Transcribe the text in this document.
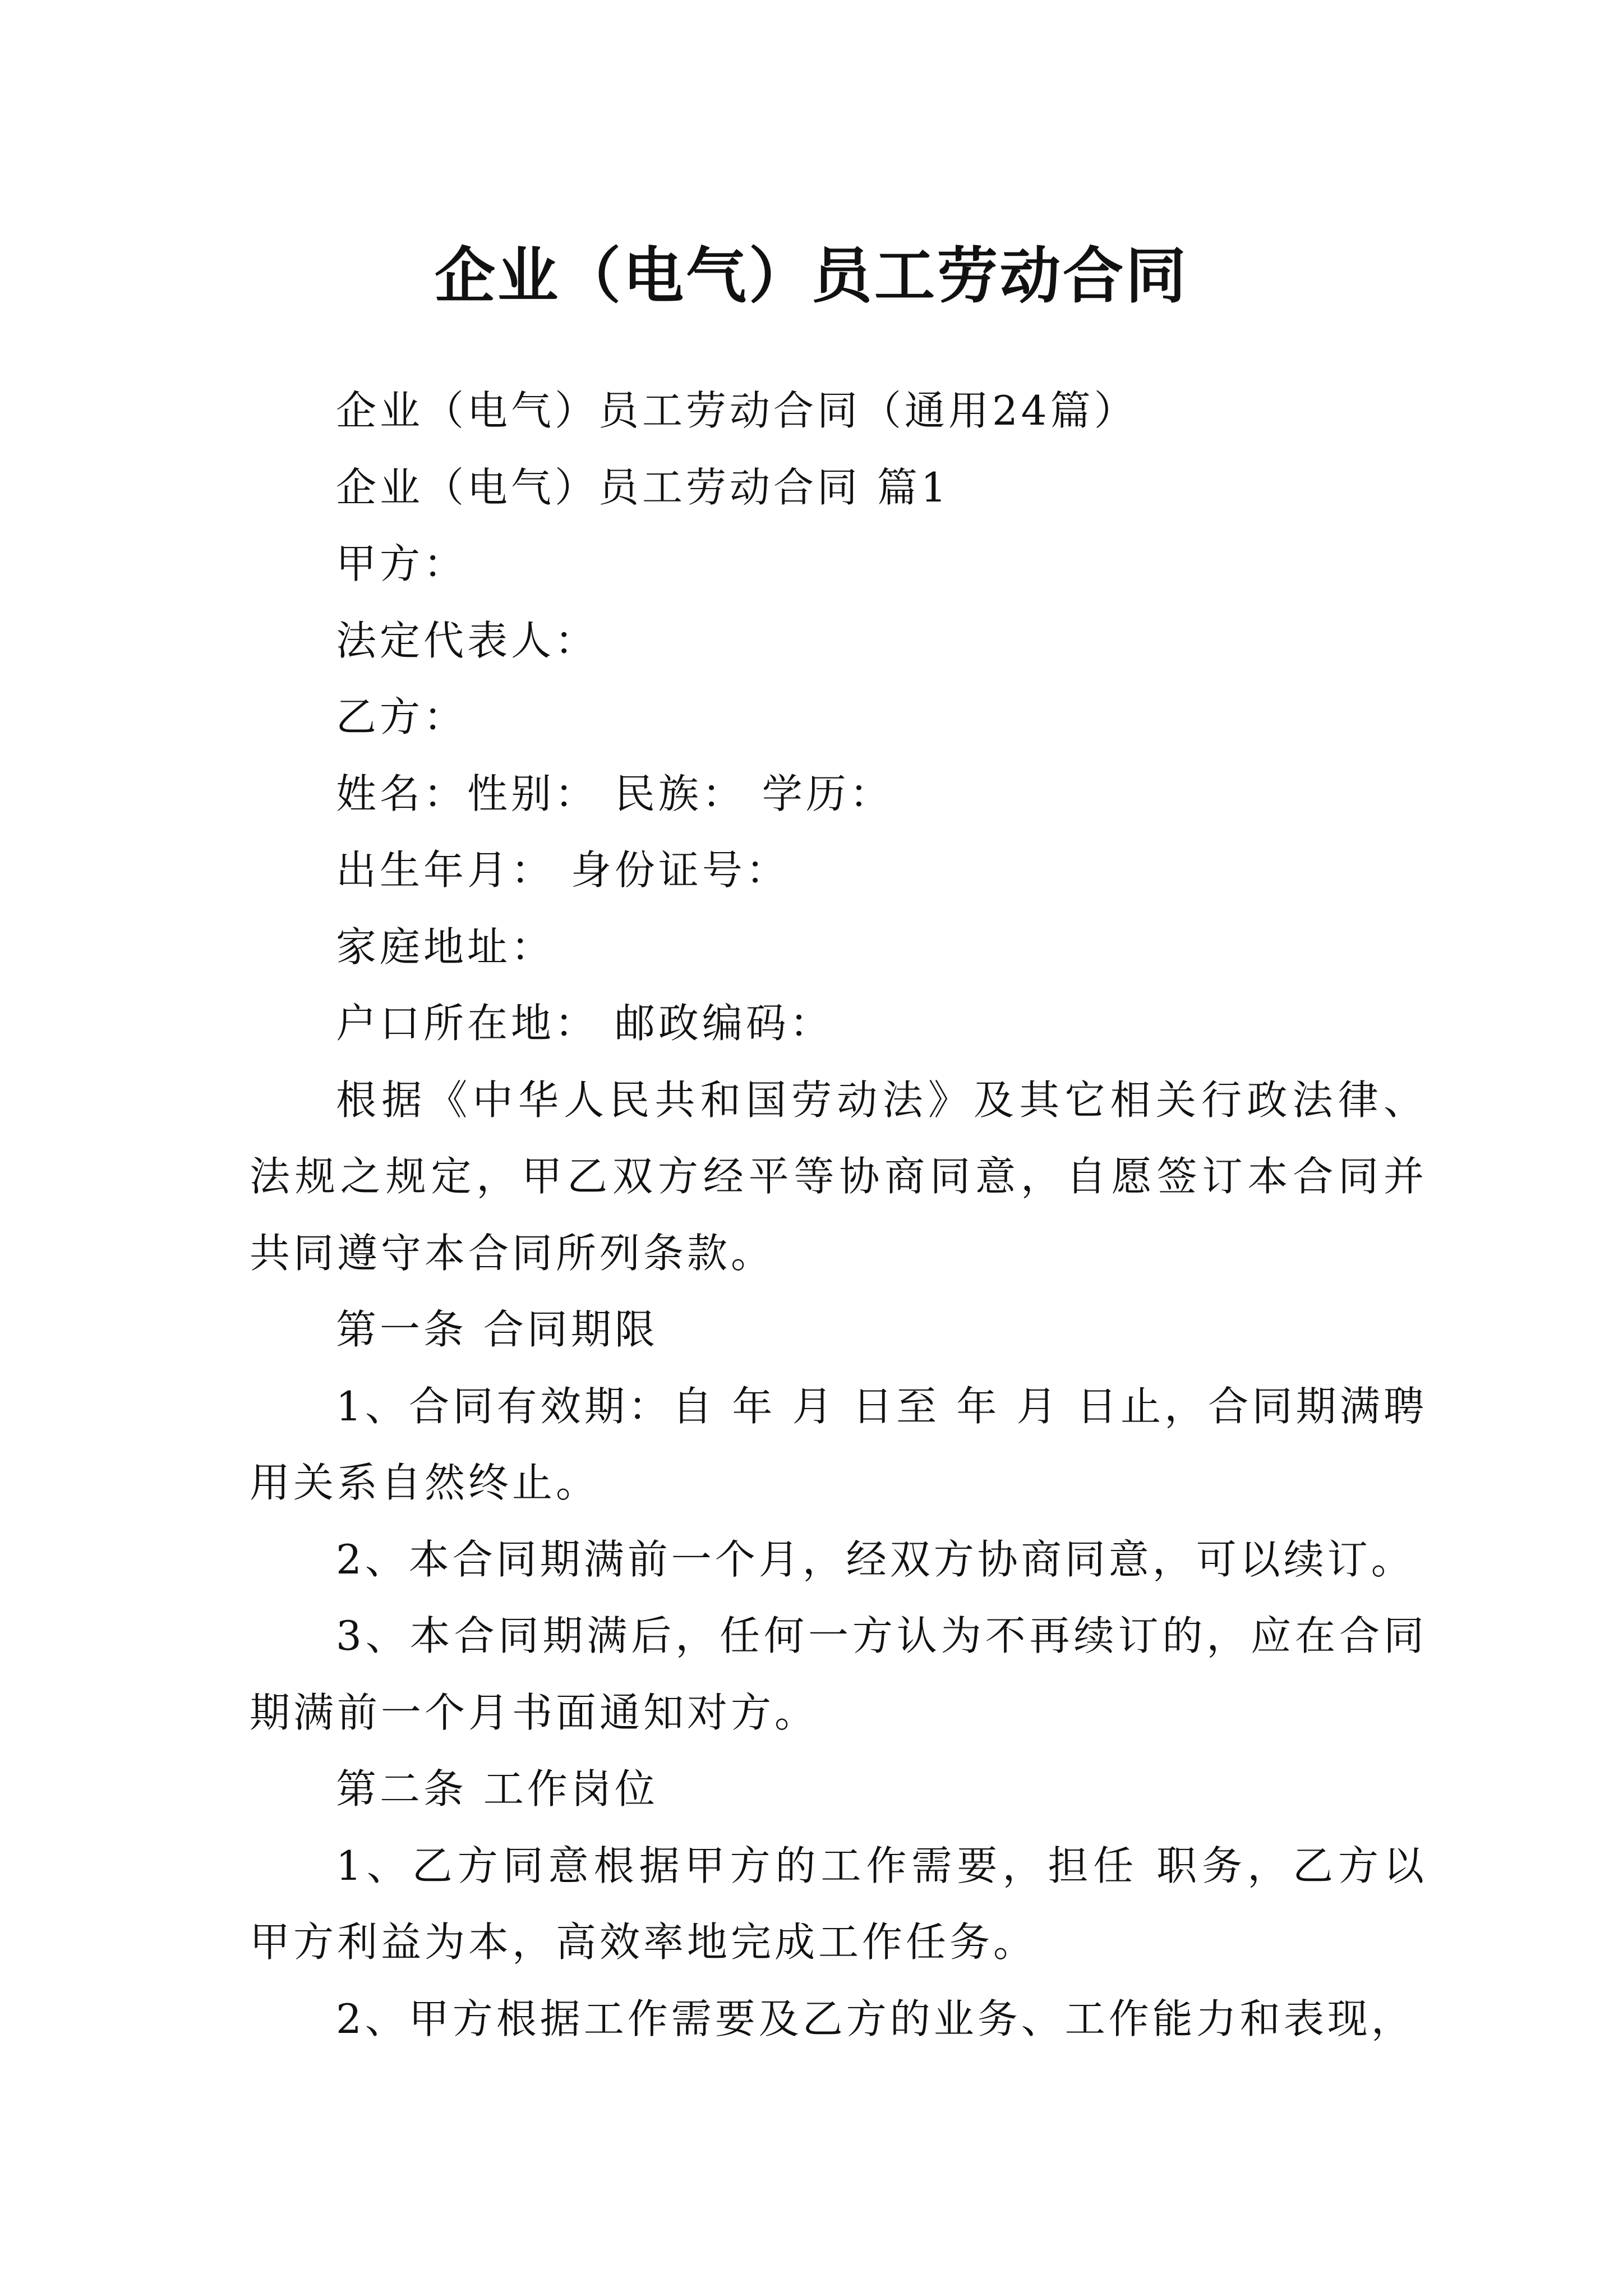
企业（电气）员工劳动合同

企业（电气）员工劳动合同（通用24篇）

企业（电气）员工劳动合同 篇1

甲方：

法定代表人：

乙方：

姓名：性别： 民族： 学历：

出生年月： 身份证号：

家庭地址：

户口所在地： 邮政编码：

根据《中华人民共和国劳动法》及其它相关行政法律、法规之规定，甲乙双方经平等协商同意，自愿签订本合同并共同遵守本合同所列条款。

第一条 合同期限

1、合同有效期：自 年 月 日至 年 月 日止，合同期满聘用关系自然终止。

2、本合同期满前一个月，经双方协商同意，可以续订。

3、本合同期满后，任何一方认为不再续订的，应在合同期满前一个月书面通知对方。

第二条 工作岗位

1、乙方同意根据甲方的工作需要，担任 职务，乙方以甲方利益为本，高效率地完成工作任务。

2、甲方根据工作需要及乙方的业务、工作能力和表现，
